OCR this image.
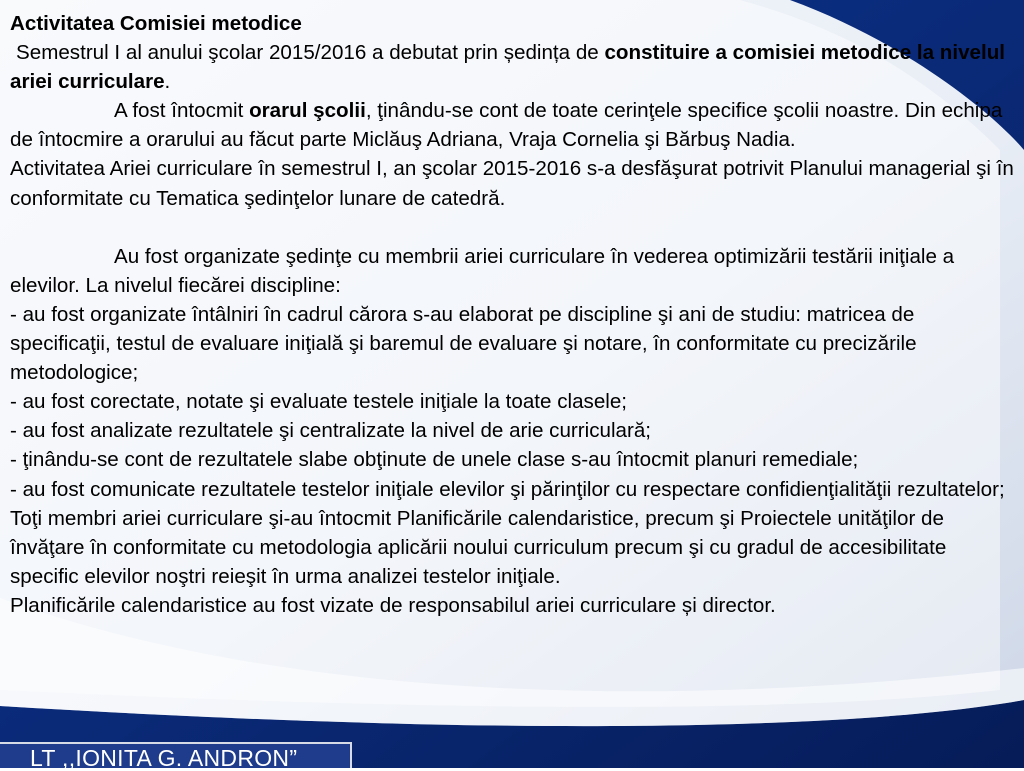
Activitatea Comisiei metodice

Semestrul I al anului şcolar 2015/2016 a debutat prin ședința de constituire a comisiei metodice la nivelul ariei curriculare.

A fost întocmit orarul şcolii, ţinându-se cont de toate cerinţele specifice şcolii noastre. Din echipa de întocmire a orarului au făcut parte Miclăuş Adriana, Vraja Cornelia şi Bărbuş Nadia.

Activitatea Ariei curriculare în semestrul I, an şcolar 2015-2016 s-a desfăşurat potrivit Planului managerial şi în conformitate cu Tematica şedinţelor lunare de catedră.

Au fost organizate şedinţe cu membrii ariei curriculare în vederea optimizării testării iniţiale a elevilor. La nivelul fiecărei discipline:

- au fost organizate întâlniri în cadrul cărora s-au elaborat pe discipline şi ani de studiu: matricea de specificaţii, testul de evaluare iniţială şi baremul de evaluare şi notare, în conformitate cu precizările metodologice;

- au fost corectate, notate şi evaluate testele iniţiale la toate clasele;

- au fost analizate rezultatele şi centralizate la nivel de arie curriculară;

- ţinându-se cont de rezultatele slabe obţinute de unele clase s-au întocmit planuri remediale;

- au fost comunicate rezultatele testelor iniţiale elevilor şi părinţilor cu respectare confidienţialităţii rezultatelor;

Toţi membri ariei curriculare şi-au întocmit Planificările calendaristice, precum şi Proiectele unităţilor de învăţare în conformitate cu metodologia aplicării noului curriculum precum şi cu gradul de accesibilitate specific elevilor noştri reieşit în urma analizei testelor iniţiale.

Planificările calendaristice au fost vizate de responsabilul ariei curriculare și director.

LT ,,IONITA G. ANDRON”
